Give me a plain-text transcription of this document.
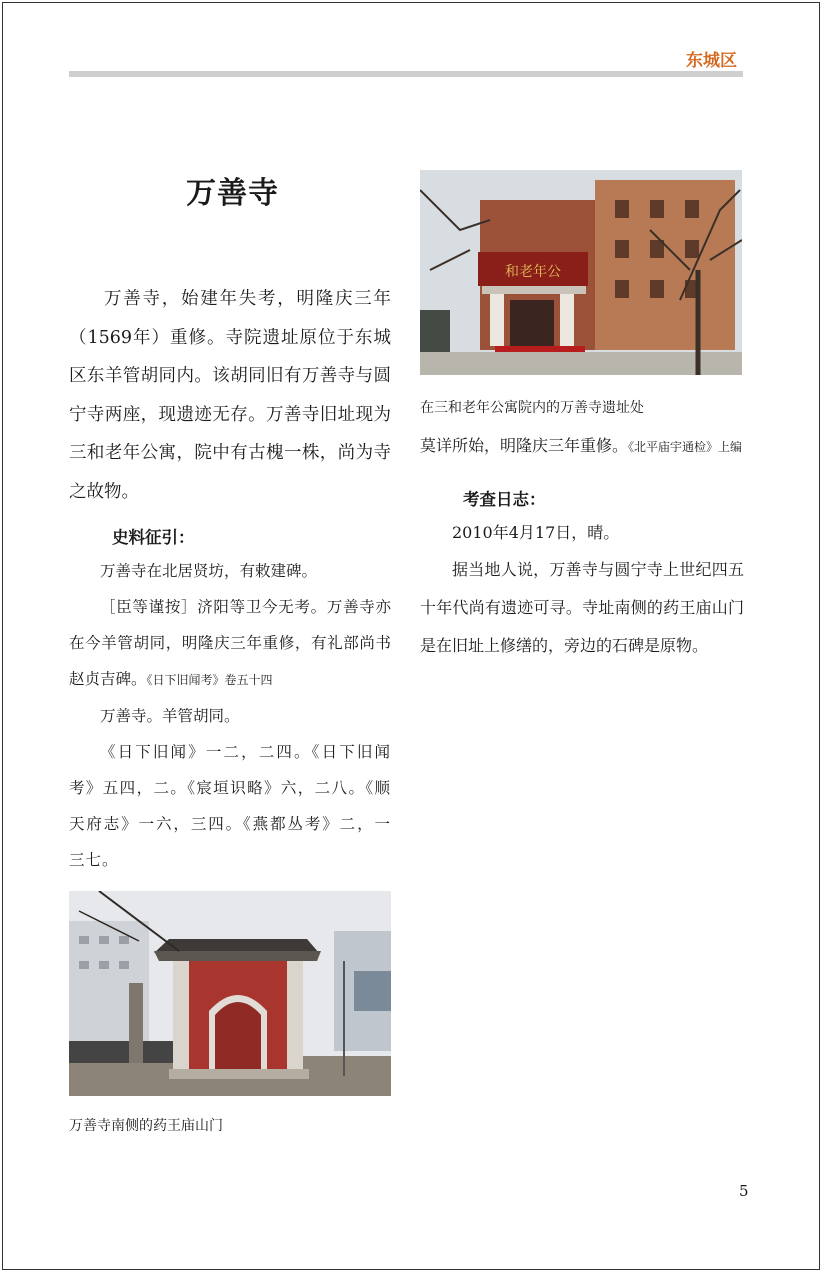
东城区
万善寺

万善寺，始建年失考，明隆庆三年（1569年）重修。寺院遗址原位于东城区东羊管胡同内。该胡同旧有万善寺与圆宁寺两座，现遗迹无存。万善寺旧址现为三和老年公寓，院中有古槐一株，尚为寺之故物。

史料征引：

万善寺在北居贤坊，有敕建碑。

［臣等谨按］济阳等卫今无考。万善寺亦在今羊管胡同，明隆庆三年重修，有礼部尚书赵贞吉碑。《日下旧闻考》卷五十四

万善寺。羊管胡同。

《日下旧闻》一二，二四。《日下旧闻考》五四，二。《宸垣识略》六，二八。《顺天府志》一六，三四。《燕都丛考》二，一三七。

万善寺南侧的药王庙山门
和老年公
在三和老年公寓院内的万善寺遗址处

莫详所始，明隆庆三年重修。《北平庙宇通检》上编

考查日志：

2010年4月17日，晴。

据当地人说，万善寺与圆宁寺上世纪四五十年代尚有遗迹可寻。寺址南侧的药王庙山门是在旧址上修缮的，旁边的石碑是原物。

5
